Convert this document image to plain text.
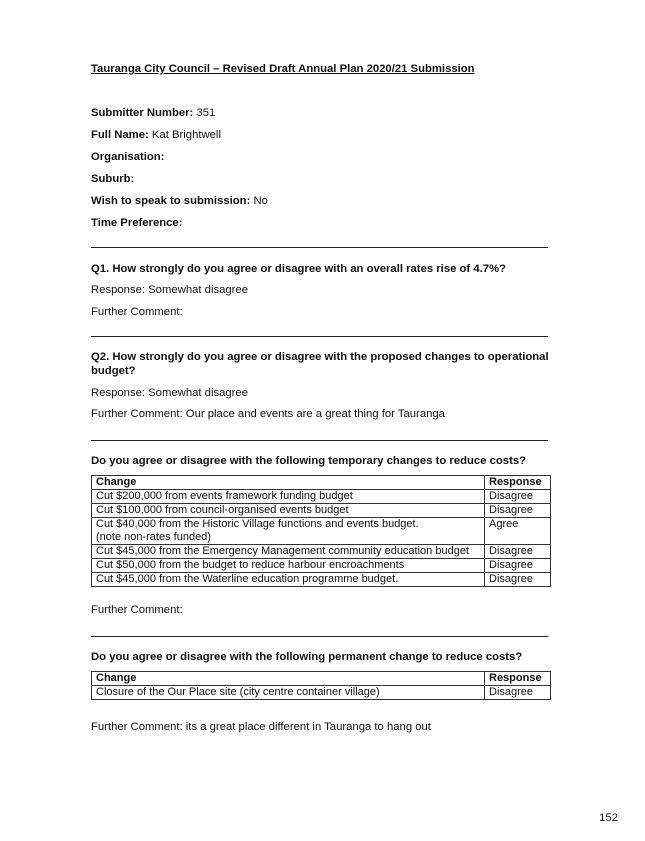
Tauranga City Council – Revised Draft Annual Plan 2020/21 Submission
Submitter Number: 351
Full Name: Kat Brightwell
Organisation:
Suburb:
Wish to speak to submission: No
Time Preference:
Q1. How strongly do you agree or disagree with an overall rates rise of 4.7%?
Response: Somewhat disagree
Further Comment:
Q2. How strongly do you agree or disagree with the proposed changes to operational budget?
Response: Somewhat disagree
Further Comment: Our place and events are a great thing for Tauranga
Do you agree or disagree with the following temporary changes to reduce costs?
Change	Response
Cut $200,000 from events framework funding budget	Disagree
Cut $100,000 from council-organised events budget	Disagree
Cut $40,000 from the Historic Village functions and events budget.
(note non-rates funded)	Agree
Cut $45,000 from the Emergency Management community education budget	Disagree
Cut $50,000 from the budget to reduce harbour encroachments	Disagree
Cut $45,000 from the Waterline education programme budget.	Disagree
Further Comment:
Do you agree or disagree with the following permanent change to reduce costs?
Change	Response
Closure of the Our Place site (city centre container village)	Disagree
Further Comment: its a great place different in Tauranga to hang out
152
